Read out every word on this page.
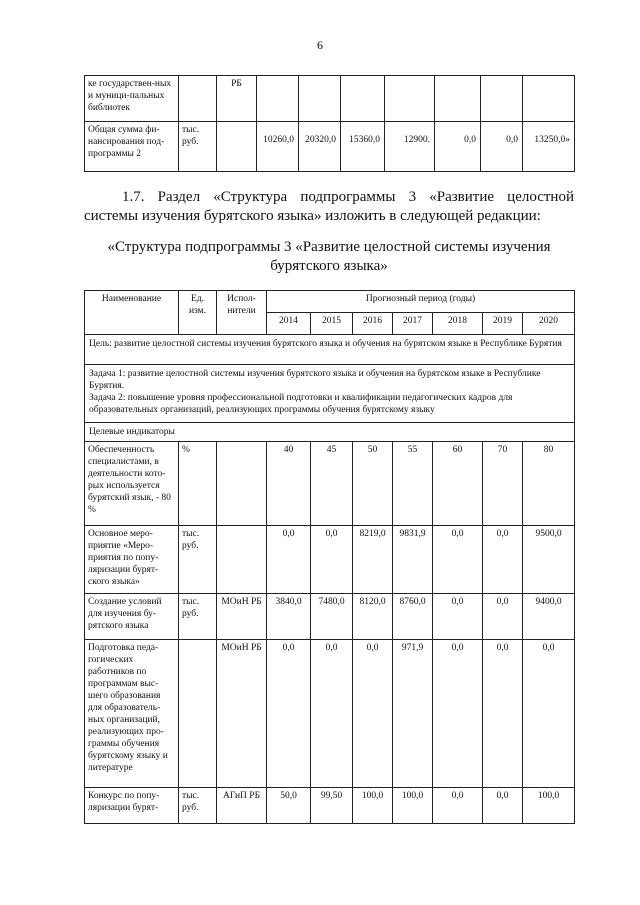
6
ке государствен-ных и муници-пальных библиотек		РБ							
Общая сумма фи-нансирования под-программы 2	тыс. руб.		10260,0	20320,0	15360,0	12900.	0,0	0,0	13250,0»
1.7. Раздел «Структура подпрограммы 3 «Развитие целостной системы изучения бурятского языка» изложить в следующей редакции:
«Структура подпрограммы 3 «Развитие целостной системы изучения бурятского языка»
Наименование	Ед. изм.	Испол-нители	Прогнозный период (годы)						
			2014	2015	2016	2017	2018	2019	2020
Цель: развитие целостной системы изучения бурятского языка и обучения на бурятском языке в Республике Бурятия									

Задача 1: развитие целостной системы изучения бурятского языка и обучения на бурятском языке в Республике Бурятия.
Задача 2: повышение уровня профессиональной подготовки и квалификации педагогических кадров для образовательных организаций, реализующих программы обучения бурятскому языку									

Целевые индикаторы									
Обеспеченность специалистами, в деятельности кото-рых используется бурятский язык, - 80 %	%		40	45	50	55	60	70	80
Основное меро-приятие «Меро-приятия по попу-ляризации бурят-ского языка»	тыс. руб.		0,0	0,0	8219,0	9831,9	0,0	0,0	9500,0
Создание условий для изучения бу-рятского языка	тыс. руб.	МОиН РБ	3840,0	7480,0	8120,0	8760,0	0,0	0,0	9400,0
Подготовка педа-гогических работников по программам выс-шего образования для образователь-ных организаций, реализующих про-граммы обучения бурятскому языку и литературе		МОиН РБ	0,0	0,0	0,0	971,9	0,0	0,0	0,0
Конкурс по попу-ляризации бурят-	тыс. руб.	АГиП РБ	50,0	99,50	100,0	100,0	0,0	0,0	100,0
